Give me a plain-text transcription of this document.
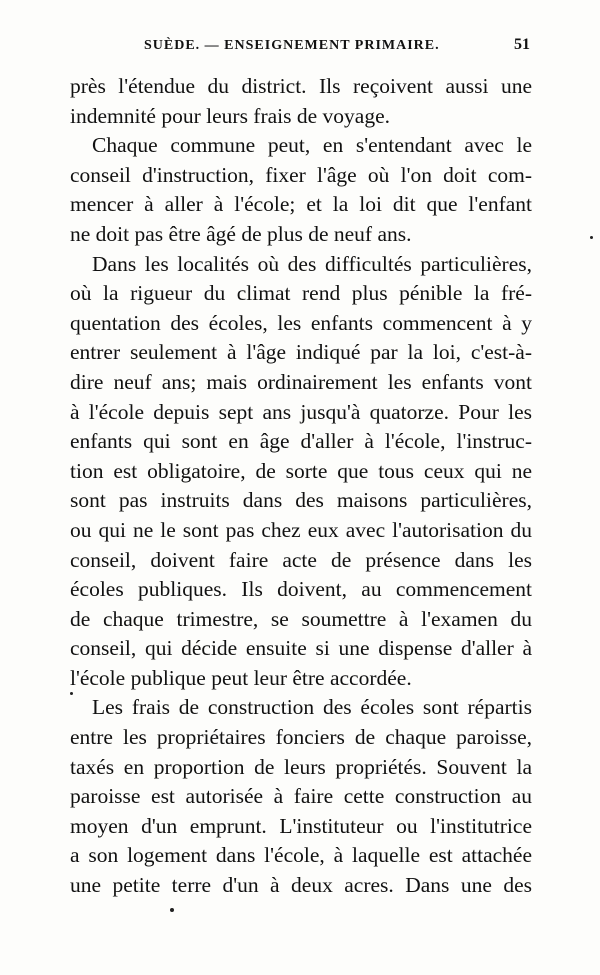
SUÈDE. — ENSEIGNEMENT PRIMAIRE.	51
près l'étendue du district. Ils reçoivent aussi une
indemnité pour leurs frais de voyage.
Chaque commune peut, en s'entendant avec le
conseil d'instruction, fixer l'âge où l'on doit com-
mencer à aller à l'école; et la loi dit que l'enfant
ne doit pas être âgé de plus de neuf ans.
Dans les localités où des difficultés particulières,
où la rigueur du climat rend plus pénible la fré-
quentation des écoles, les enfants commencent à y
entrer seulement à l'âge indiqué par la loi, c'est-à-
dire neuf ans; mais ordinairement les enfants vont
à l'école depuis sept ans jusqu'à quatorze. Pour les
enfants qui sont en âge d'aller à l'école, l'instruc-
tion est obligatoire, de sorte que tous ceux qui ne
sont pas instruits dans des maisons particulières,
ou qui ne le sont pas chez eux avec l'autorisation du
conseil, doivent faire acte de présence dans les
écoles publiques. Ils doivent, au commencement
de chaque trimestre, se soumettre à l'examen du
conseil, qui décide ensuite si une dispense d'aller à
l'école publique peut leur être accordée.
Les frais de construction des écoles sont répartis
entre les propriétaires fonciers de chaque paroisse,
taxés en proportion de leurs propriétés. Souvent la
paroisse est autorisée à faire cette construction au
moyen d'un emprunt. L'instituteur ou l'institutrice
a son logement dans l'école, à laquelle est attachée
une petite terre d'un à deux acres. Dans une des
